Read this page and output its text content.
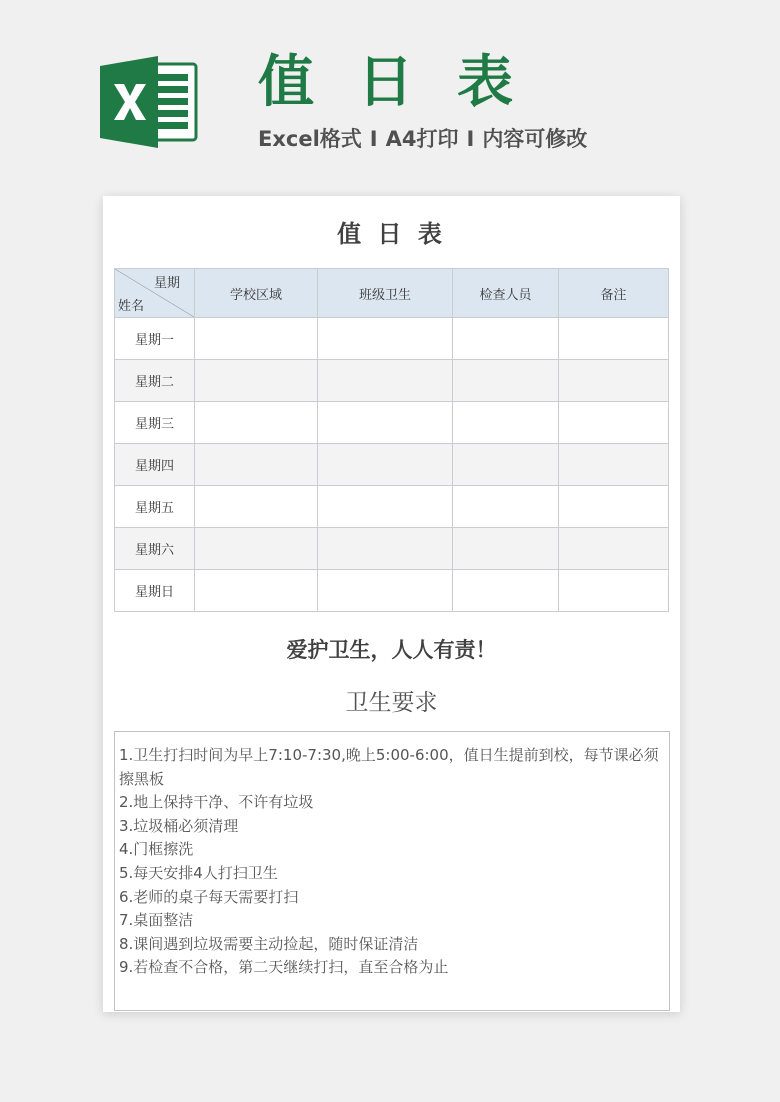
值 日 表
Excel格式 I A4打印 I 内容可修改
值 日 表
星期
姓名	学校区域	班级卫生	检查人员	备注
星期一				
星期二				
星期三				
星期四				
星期五				
星期六				
星期日				
爱护卫生，人人有责！
卫生要求
1.卫生打扫时间为早上7:10-7:30,晚上5:00-6:00，值日生提前到校，每节课必须擦黑板
2.地上保持干净、不许有垃圾
3.垃圾桶必须清理
4.门框擦洗
5.每天安排4人打扫卫生
6.老师的桌子每天需要打扫
7.桌面整洁
8.课间遇到垃圾需要主动捡起，随时保证清洁
9.若检查不合格，第二天继续打扫，直至合格为止
